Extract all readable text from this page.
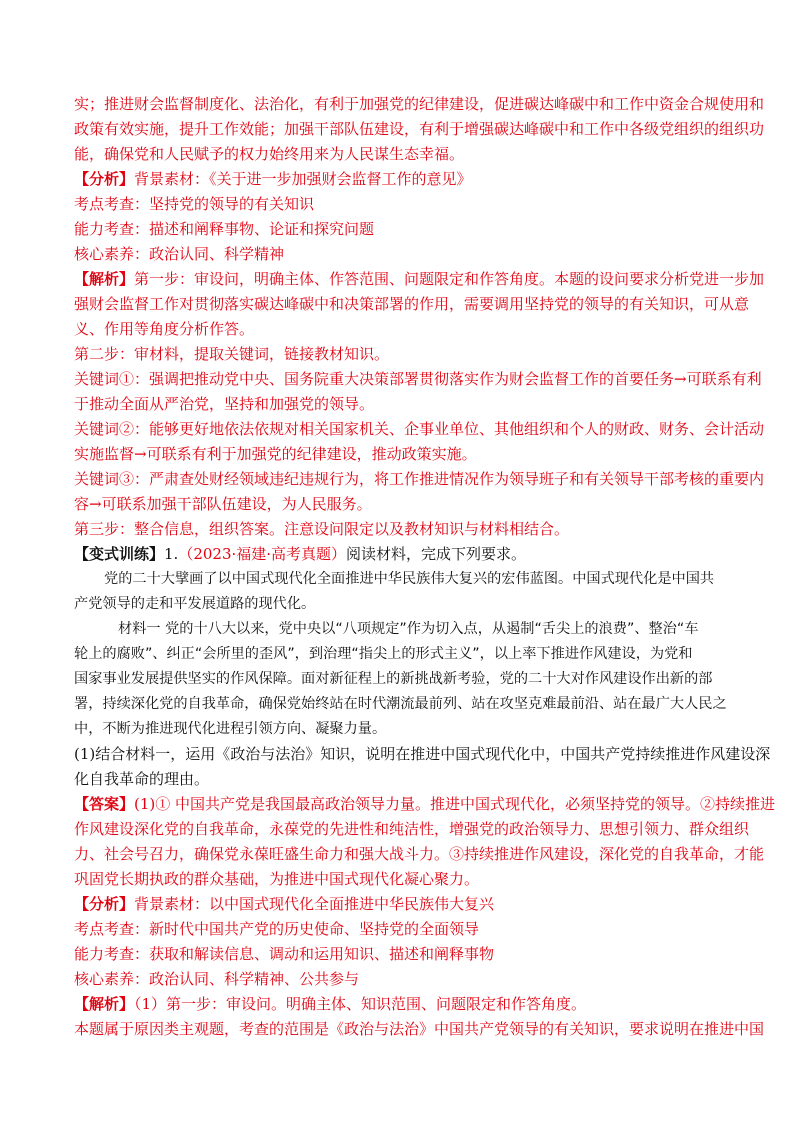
实；推进财会监督制度化、法治化，有利于加强党的纪律建设，促进碳达峰碳中和工作中资金合规使用和

政策有效实施，提升工作效能；加强干部队伍建设，有利于增强碳达峰碳中和工作中各级党组织的组织功

能，确保党和人民赋予的权力始终用来为人民谋生态幸福。

【分析】背景素材：《关于进一步加强财会监督工作的意见》

考点考查：坚持党的领导的有关知识

能力考查：描述和阐释事物、论证和探究问题

核心素养：政治认同、科学精神

【解析】第一步：审设问，明确主体、作答范围、问题限定和作答角度。本题的设问要求分析党进一步加

强财会监督工作对贯彻落实碳达峰碳中和决策部署的作用，需要调用坚持党的领导的有关知识，可从意

义、作用等角度分析作答。

第二步：审材料，提取关键词，链接教材知识。

关键词①：强调把推动党中央、国务院重大决策部署贯彻落实作为财会监督工作的首要任务→可联系有利

于推动全面从严治党，坚持和加强党的领导。

关键词②：能够更好地依法依规对相关国家机关、企事业单位、其他组织和个人的财政、财务、会计活动

实施监督→可联系有利于加强党的纪律建设，推动政策实施。

关键词③：严肃查处财经领域违纪违规行为，将工作推进情况作为领导班子和有关领导干部考核的重要内

容→可联系加强干部队伍建设，为人民服务。

第三步：整合信息，组织答案。注意设问限定以及教材知识与材料相结合。

【变式训练】1.（2023·福建·高考真题）阅读材料，完成下列要求。

党的二十大擘画了以中国式现代化全面推进中华民族伟大复兴的宏伟蓝图。中国式现代化是中国共

产党领导的走和平发展道路的现代化。

材料一 党的十八大以来，党中央以“八项规定”作为切入点，从遏制“舌尖上的浪费”、整治“车

轮上的腐败”、纠正“会所里的歪风”，到治理“指尖上的形式主义”，以上率下推进作风建设，为党和

国家事业发展提供坚实的作风保障。面对新征程上的新挑战新考验，党的二十大对作风建设作出新的部

署，持续深化党的自我革命，确保党始终站在时代潮流最前列、站在攻坚克难最前沿、站在最广大人民之

中，不断为推进现代化进程引领方向、凝聚力量。

(1)结合材料一，运用《政治与法治》知识，说明在推进中国式现代化中，中国共产党持续推进作风建设深

化自我革命的理由。

【答案】(1)① 中国共产党是我国最高政治领导力量。推进中国式现代化，必须坚持党的领导。②持续推进

作风建设深化党的自我革命，永葆党的先进性和纯洁性，增强党的政治领导力、思想引领力、群众组织

力、社会号召力，确保党永葆旺盛生命力和强大战斗力。③持续推进作风建设，深化党的自我革命，才能

巩固党长期执政的群众基础，为推进中国式现代化凝心聚力。

【分析】背景素材：以中国式现代化全面推进中华民族伟大复兴

考点考查：新时代中国共产党的历史使命、坚持党的全面领导

能力考查：获取和解读信息、调动和运用知识、描述和阐释事物

核心素养：政治认同、科学精神、公共参与

【解析】（1）第一步：审设问。明确主体、知识范围、问题限定和作答角度。

本题属于原因类主观题，考查的范围是《政治与法治》中国共产党领导的有关知识，要求说明在推进中国
